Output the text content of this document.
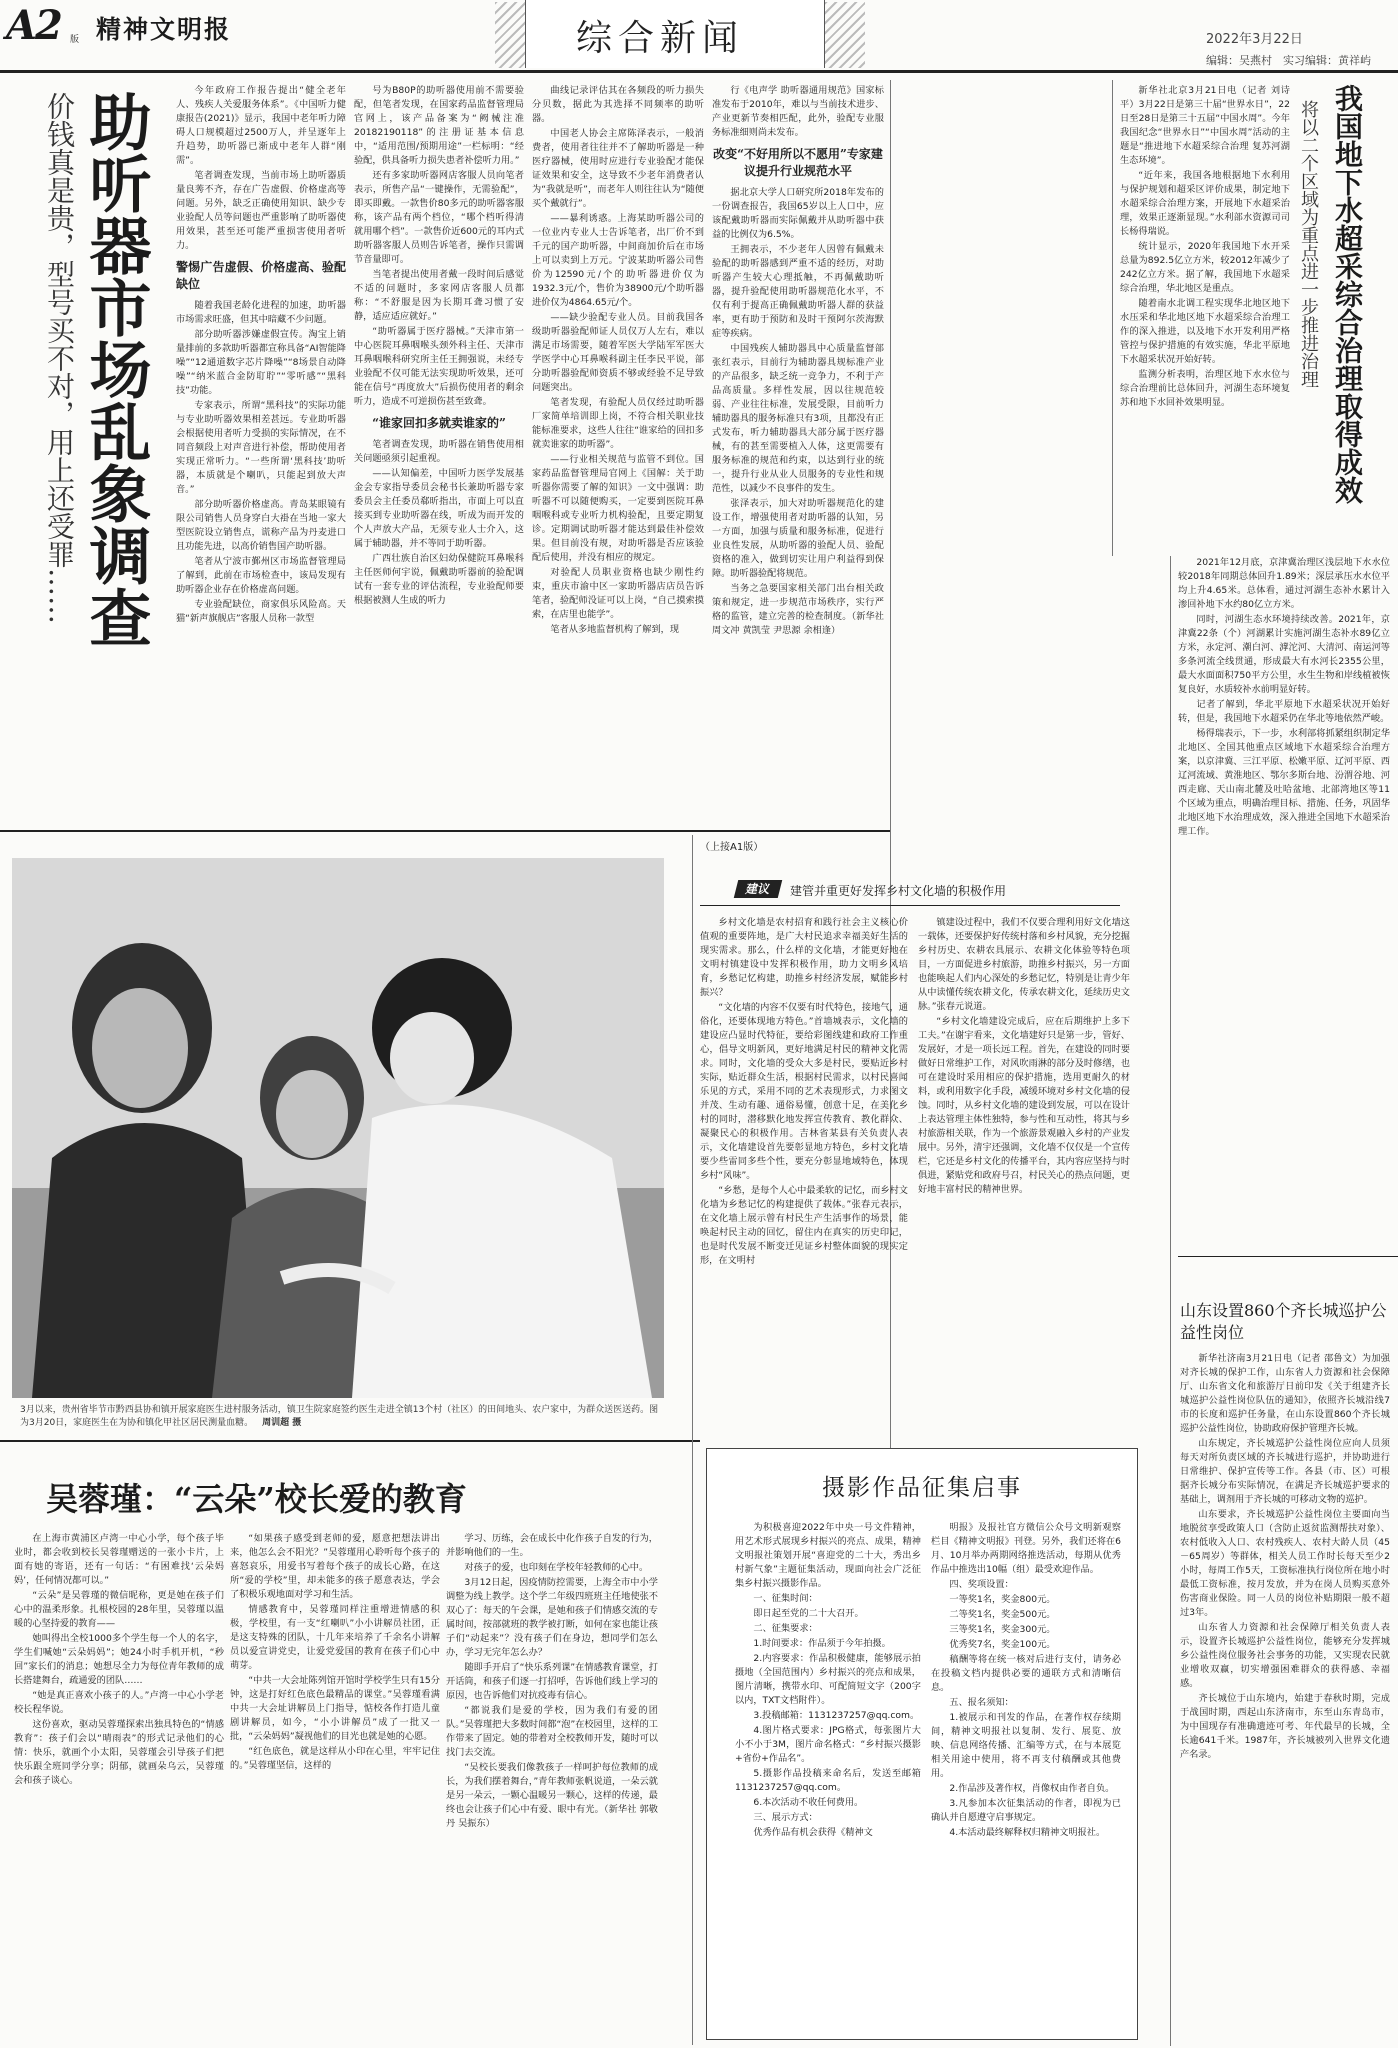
A2 版 精神文明报	综合新闻	2022年3月22日
编辑：吴燕村　实习编辑：黄祥屿
助听器市场乱象调查
价钱真是贵，型号买不对，用上还受罪……

今年政府工作报告提出“健全老年人、残疾人关爱服务体系”。《中国听力健康报告(2021)》显示，我国中老年听力障碍人口规模超过2500万人，并呈逐年上升趋势，助听器已渐成中老年人群“刚需”。

笔者调查发现，当前市场上助听器质量良莠不齐，存在广告虚假、价格虚高等问题。另外，缺乏正确使用知识、缺少专业验配人员等问题也严重影响了助听器使用效果，甚至还可能严重损害使用者听力。

警惕广告虚假、价格虚高、验配缺位

随着我国老龄化进程的加速，助听器市场需求旺盛，但其中暗藏不少问题。

部分助听器涉嫌虚假宣传。淘宝上销量排前的多款助听器都宣称具备“AI智能降噪”“12通道数字芯片降噪”“8场景自动降噪”“纳米蓝合金防耵聍”“零听感”“黑科技”功能。

专家表示，所谓“黑科技”的实际功能与专业助听器效果相差甚远。专业助听器会根据使用者听力受损的实际情况，在不同音频段上对声音进行补偿，帮助使用者实现正常听力。“一些所谓‘黑科技’助听器，本质就是个喇叭，只能起到放大声音。”

部分助听器价格虚高。青岛某眼镜有限公司销售人员身穿白大褂在当地一家大型医院设立销售点，谎称产品为丹麦进口且功能先进，以高价销售国产助听器。

笔者从宁波市鄞州区市场监督管理局了解到，此前在市场检查中，该局发现有助听器企业存在价格虚高问题。

专业验配缺位，商家俱乐风险高。天猫“新声旗舰店”客服人员称一款型

号为B80P的助听器使用前不需要验配，但笔者发现，在国家药品监督管理局官网上，该产品备案为“阙械注准20182190118”的注册证基本信息中，“适用范围/预期用途”一栏标明：“经验配，供具备听力损失患者补偿听力用。”

还有多家助听器网店客服人员向笔者表示，所售产品“一键操作，无需验配”，即买即戴。一款售价80多元的助听器客服称，该产品有两个档位，“哪个档听得清就用哪个档”。一款售价近600元的耳内式助听器客服人员则告诉笔者，操作只需调节音量即可。

当笔者提出使用者戴一段时间后感觉不适的问题时，多家网店客服人员都称：“不舒服是因为长期耳聋习惯了安静，适应适应就好。”

“助听器属于医疗器械。”天津市第一中心医院耳鼻咽喉头颈外科主任、天津市耳鼻咽喉科研究所主任王拥强说，未经专业验配不仅可能无法实现助听效果，还可能在信号“再度放大”后损伤使用者的剩余听力，造成不可逆损伤甚至致聋。

“谁家回扣多就卖谁家的”

笔者调查发现，助听器在销售使用相关问题亟须引起重视。

——认知偏差，中国听力医学发展基金会专家指导委员会秘书长兼助听器专家委员会主任委员郗昕指出，市面上可以直接买到专业助听器在线，听成为而开发的个人声放大产品，无须专业人士介入，这属于辅助器，并不等同于助听器。

广西壮族自治区妇幼保健院耳鼻喉科主任医师何宇说，佩戴助听器前的验配调试有一套专业的评估流程，专业验配师要根据被测人生成的听力

曲线记录评估其在各频段的听力损失分贝数，据此为其选择不同频率的助听器。

中国老人协会主席陈泽表示，一般消费者，使用者往往并不了解助听器是一种医疗器械，使用时应进行专业验配才能保证效果和安全，这导致不少老年消费者认为“我就是听”，而老年人则往往认为“随便买个戴就行”。

——暴利诱惑。上海某助听器公司的一位业内专业人士告诉笔者，出厂价不到千元的国产助听器，中间商加价后在市场上可以卖到上万元。宁波某助听器公司售价为12590元/个的助听器进价仅为1932.3元/个，售价为38900元/个助听器进价仅为4864.65元/个。

——缺少验配专业人员。目前我国各级助听器验配师证人员仅万人左右，难以满足市场需要，随着军医大学陆军军医大学医学中心耳鼻喉科副主任李民平说，部分助听器验配师资质不够或经验不足导致问题突出。

笔者发现，有验配人员仅经过助听器厂家简单培训即上岗，不符合相关职业技能标准要求，这些人往往“谁家给的回扣多就卖谁家的助听器”。

——行业相关规范与监管不到位。国家药品监督管理局官网上《国解：关于助听器你需要了解的知识》一文中强调：助听器不可以随便购买，一定要到医院耳鼻咽喉科或专业听力机构验配，且要定期复诊。定期调试助听器才能达到最佳补偿效果。但目前没有规，对助听器是否应该验配后使用，并没有相应的规定。

对验配人员职业资格也缺少刚性约束，重庆市渝中区一家助听器店店员告诉笔者，验配师没证可以上岗，“自己摸索摸索，在店里也能学”。

笔者从多地监督机构了解到，现

行《电声学 助听器通用规范》国家标准发布于2010年，难以与当前技术进步、产业更新节奏相匹配，此外，验配专业服务标准细则尚未发布。

改变“不好用所以不愿用”专家建议提升行业规范水平

据北京大学人口研究所2018年发布的一份调查报告，我国65岁以上人口中，应该配戴助听器而实际佩戴并从助听器中获益的比例仅为6.5%。

王拥表示，不少老年人因曾有佩戴未验配的助听器感到严重不适的经历，对助听器产生较大心理抵触，不再佩戴助听器，提升验配使用助听器规范化水平，不仅有利于提高正确佩戴助听器人群的获益率，更有助于预防和及时干预阿尔茨海默症等疾病。

中国残疾人辅助器具中心质量监督部张红表示，目前行为辅助器具规标准产业的产品很多，缺乏统一竞争力，不利于产品高质量。多样性发展，因以往规范较弱、产业往往标准，发展受限，目前听力辅助器具的服务标准只有3项，且都没有正式发布，听力辅助器具大部分属于医疗器械，有的甚至需要植入人体，这更需要有服务标准的规范和约束，以达到行业的统一，提升行业从业人员服务的专业性和规范性，以减少不良事件的发生。

张泽表示，加大对助听器规范化的建设工作，增强使用者对助听器的认知，另一方面，加强与质量和服务标准，促进行业良性发展，从助听器的验配人员、验配资格的准入，做到切实让用户利益得到保障。助听器验配将规范。

当务之急要国家相关部门出台相关政策和规定，进一步规范市场秩序，实行严格的监管，建立完善的检查制度。（新华社 周文冲 黄凯莹 尹思源 余相逢）

我国地下水超采综合治理取得成效
将以二个区域为重点进一步推进治理

新华社北京3月21日电（记者 刘诗平）3月22日是第三十届“世界水日”，22日至28日是第三十五届“中国水周”。今年我国纪念“世界水日”“中国水周”活动的主题是“推进地下水超采综合治理 复苏河湖生态环境”。

“近年来，我国各地根据地下水利用与保护规划和超采区评价成果，制定地下水超采综合治理方案，开展地下水超采治理，效果正逐渐显现。”水利部水资源司司长杨得瑞说。

统计显示，2020年我国地下水开采总量为892.5亿立方米，较2012年减少了242亿立方米。据了解，我国地下水超采综合治理，华北地区是重点。

随着南水北调工程实现华北地区地下水压采和华北地区地下水超采综合治理工作的深入推进，以及地下水开发利用严格管控与保护措施的有效实施，华北平原地下水超采状况开始好转。

监测分析表明，治理区地下水水位与综合治理前比总体回升，河湖生态环境复苏和地下水回补效果明显。

2021年12月底，京津冀治理区浅层地下水水位较2018年同期总体回升1.89米；深层承压水水位平均上升4.65米。总体看，通过河湖生态补水累计入渗回补地下水约80亿立方米。

同时，河湖生态水环境持续改善。2021年，京津冀22条（个）河湖累计实施河湖生态补水89亿立方米，永定河、潮白河、滹沱河、大清河、南运河等多条河流全线贯通，形成最大有水河长2355公里，最大水面面积750平方公里，水生生物和岸线植被恢复良好，水质较补水前明显好转。

记者了解到，华北平原地下水超采状况开始好转，但是，我国地下水超采仍在华北等地依然严峻。

杨得瑞表示，下一步，水利部将抓紧组织制定华北地区、全国其他重点区域地下水超采综合治理方案，以京津冀、三江平原、松嫩平原、辽河平原、西辽河流域、黄淮地区、鄂尔多斯台地、汾渭谷地、河西走廊、天山南北麓及吐哈盆地、北部湾地区等11个区域为重点，明确治理目标、措施、任务，巩固华北地区地下水治理成效，深入推进全国地下水超采治理工作。

3月以来，贵州省毕节市黔西县协和镇开展家庭医生进村服务活动，镇卫生院家庭签约医生走进全镇13个村（社区）的田间地头、农户家中，为群众送医送药。图为3月20日，家庭医生在为协和镇化甲社区居民测量血糖。 周训超 摄
（上接A1版）
建议	建管并重更好发挥乡村文化墙的积极作用

乡村文化墙是农村招育和践行社会主义核心价值观的重要阵地，是广大村民追求幸福美好生活的现实需求。那么，什么样的文化墙，才能更好地在文明村镇建设中发挥积极作用，助力文明乡风培育，乡愁记忆构建，助推乡村经济发展，赋能乡村振兴？

“文化墙的内容不仅要有时代特色，接地气，通俗化，还要体现地方特色。”首墙城表示，文化墙的建设应凸显时代特征，要给彩图线建和政府工作重心，倡导文明新风，更好地满足村民的精神文化需求。同时，文化墙的受众大多是村民，要贴近乡村实际，贴近群众生活，根据村民需求，以村民喜闻乐见的方式，采用不同的艺术表现形式，力求图文并茂、生动有趣、通俗易懂，创意十足，在美化乡村的同时，潜移默化地发挥宣传教育、教化群众、凝聚民心的积极作用。吉林省某县有关负责人表示，文化墙建设首先要彰显地方特色，乡村文化墙要少些雷同多些个性，要充分彰显地域特色，体现乡村“风味”。

“乡愁，是每个人心中最柔软的记忆，而乡村文化墙为乡愁记忆的构建提供了载体。”张春元表示，在文化墙上展示曾有村民生产生活事作的场景，能唤起村民主动的回忆，留住内在真实的历史印记，也是时代发展不断变迁见证乡村整体面貌的现实定形，在文明村

镇建设过程中，我们不仅要合理利用好文化墙这一载体，还要保护好传统村落和乡村风貌，充分挖掘乡村历史、农耕农具展示、农耕文化体验等特色项目，一方面促进乡村旅游，助推乡村振兴，另一方面也能唤起人们内心深处的乡愁记忆，特别是让青少年从中读懂传统农耕文化，传承农耕文化，延续历史文脉。”张春元说道。

“乡村文化墙建设完成后，应在后期维护上多下工夫。”在谢宇看来，文化墙建好只是第一步，管好、发展好，才是一项长远工程。首先，在建设的同时要做好日常维护工作，对风吹雨淋的部分及时修缮，也可在建设时采用相应的保护措施，选用更耐久的材料，或利用数字化手段，减缓环境对乡村文化墙的侵蚀。同时，从乡村文化墙的建设到发展，可以在设计上表达管理主体性独特，参与性和互动性，将其与乡村旅游相关联，作为一个旅游景观融入乡村的产业发展中。另外，清宇还强调，文化墙不仅仅是一个宣传栏，它还是乡村文化的传播平台，其内容应坚持与时俱进，紧贴党和政府号召，村民关心的热点问题，更好地丰富村民的精神世界。

吴蓉瑾：“云朵”校长爱的教育

在上海市黄浦区卢湾一中心小学，每个孩子毕业时，都会收到校长吴蓉瑾赠送的一张小卡片，上面有她的寄语，还有一句话：“有困难找‘云朵妈妈’，任何情况都可以。”

“云朵”是吴蓉瑾的微信昵称，更是她在孩子们心中的温柔形象。扎根校园的28年里，吴蓉瑾以温暖的心坚持爱的教育——

她叫得出全校1000多个学生每一个人的名字，学生们喊她“云朵妈妈”；她24小时手机开机，“秒回”家长们的消息；她想尽全力为每位青年教师的成长搭建舞台，疏通爱的团队……

“她是真正喜欢小孩子的人。”卢湾一中心小学老校长程华说。

这份喜欢，驱动吴蓉瑾探索出独具特色的“情感教育”：孩子们会以“晴雨表”的形式记录他们的心情：快乐，就画个小太阳，吴蓉瑾会引导孩子们把快乐跟全班同学分享；阴郁，就画朵乌云，吴蓉瑾会和孩子谈心。

“如果孩子感受到老师的爱，愿意把想法讲出来，他怎么会不阳光？”吴蓉瑾用心聆听每个孩子的喜怒哀乐，用爱书写着每个孩子的成长心路，在这所“爱的学校”里，却未能多的孩子愿意表达，学会了积极乐观地面对学习和生活。

情感教育中，吴蓉瑾同样注重增进情感的积极，学校里，有一支“红喇叭”小小讲解员社团，正是这支特殊的团队，十几年来培养了千余名小讲解员以爱宣讲党史，让爱党爱国的教育在孩子们心中萌芽。

“中共一大会址陈列馆开馆时学校学生只有15分钟，这是打好红色底色最精品的课堂。”吴蓉瑾看满中共一大会址讲解员上门指导，惦校各作打造儿童剧讲解员，如今，“小小讲解员”成了一批又一批，“云朵妈妈”凝视他们的目光也就是她的心愿。

“红色底色，就是这样从小印在心里，牢牢记住的。”吴蓉瑾坚信，这样的

学习、历练，会在成长中化作孩子自发的行为，并影响他们的一生。

对孩子的爱，也印刻在学校年轻教师的心中。

3月12日起，因疫情防控需要，上海全市中小学调整为线上教学。这个学二年级四班班主任地使张不双心了：每天的午会课，是她和孩子们情感交流的专属时间，按部就班的教学被打断，如何在家也能让孩子们“动起来”？没有孩子们在身边，想同学们怎么办，学习无完年怎么办？

随即手开启了“快乐系列课”在情感教育课堂，打开话筒，和孩子们逐一打招呼，告诉他们线上学习的原因，也告诉他们对抗疫毒有信心。

“都说我们是爱的学校，因为我们有爱的团队。”吴蓉瑾把大多数时间都“泡”在校园里，这样的工作带来了固定。她的带着对全校教师开发，随时可以找门去交流。

“吴校长要我们像教孩子一样呵护每位教师的成长，为我们摆着舞台，”青年教师张帆说道，一朵云就是另一朵云，一颗心温暖另一颗心，这样的传递，最终也会让孩子们心中有爱、眼中有光。（新华社 郭敬丹 吴振东）

摄影作品征集启事

为积极喜迎2022年中央一号文件精神，用艺术形式展现乡村振兴的亮点、成果，精神文明报社策划开展“喜迎党的二十大，秀出乡村新气象”主题征集活动，现面向社会广泛征集乡村振兴摄影作品。

一、征集时间：

即日起至党的二十大召开。

二、征集要求：

1.时间要求：作品须于今年拍摄。

2.内容要求：作品积极健康，能够展示拍摄地（全国范围内）乡村振兴的亮点和成果，图片清晰，携带水印、可配简短文字（200字以内，TXT文档附件）。

3.投稿邮箱：1131237257@qq.com。

4.图片格式要求：JPG格式，每张图片大小不小于3M，图片命名格式：“乡村振兴摄影+省份+作品名”。

5.摄影作品投稿来命名后，发送至邮箱1131237257@qq.com。

6.本次活动不收任何费用。

三、展示方式：

优秀作品有机会获得《精神文

明报》及报社官方微信公众号文明新观察栏目《精神文明报》刊登。另外，我们还将在6月、10月举办两期网络推选活动，每期从优秀作品中推选出10幅（组）最受欢迎作品。

四、奖项设置：

一等奖1名，奖金800元。

二等奖1名，奖金500元。

三等奖1名，奖金300元。

优秀奖7名，奖金100元。

稿酬等将在统一核对后进行支付，请务必在投稿文档内提供必要的通联方式和清晰信息。

五、报名须知：

1.被展示和刊发的作品，在著作权存续期间，精神文明报社以复制、发行、展览、放映、信息网络传播、汇编等方式，在与本展览相关用途中使用，将不再支付稿酬或其他费用。

2.作品涉及著作权，肖像权由作者自负。

3.凡参加本次征集活动的作者，即视为已确认并自愿遵守启事规定。

4.本活动最终解释权归精神文明报社。

山东设置860个齐长城巡护公益性岗位

新华社济南3月21日电（记者 邵鲁文）为加强对齐长城的保护工作，山东省人力资源和社会保障厅、山东省文化和旅游厅日前印发《关于组建齐长城巡护公益性岗位队伍的通知》，依照齐长城沿线7市的长度和巡护任务量，在山东设置860个齐长城巡护公益性岗位，协助政府保护管理齐长城。

山东规定，齐长城巡护公益性岗位应向人员须每天对所负责区域的齐长城进行巡护，并协助进行日常维护、保护宣传等工作。各县（市、区）可根据齐长城分布实际情况，在满足齐长城巡护要求的基础上，调剂用于齐长城的可移动文物的巡护。

山东要求，齐长城巡护公益性岗位主要面向当地脱贫享受政策人口（含防止返贫监测帮扶对象）、农村低收入人口、农村残疾人、农村大龄人员（45－65周岁）等群体，相关人员工作时长每天至少2小时，每周工作5天，工资标准执行岗位所在地小时最低工资标准，按月发放，并为在岗人员购买意外伤害商业保险。同一人员的岗位补贴期限一般不超过3年。

山东省人力资源和社会保障厅相关负责人表示，设置齐长城巡护公益性岗位，能够充分发挥城乡公益性岗位服务社会事务的功能，又实现农民就业增收双赢，切实增强困难群众的获得感、幸福感。

齐长城位于山东境内，始建于春秋时期，完成于战国时期，西起山东济南市，东至山东青岛市，为中国现存有准确遗迹可考、年代最早的长城，全长逾641千米。1987年，齐长城被列入世界文化遗产名录。
